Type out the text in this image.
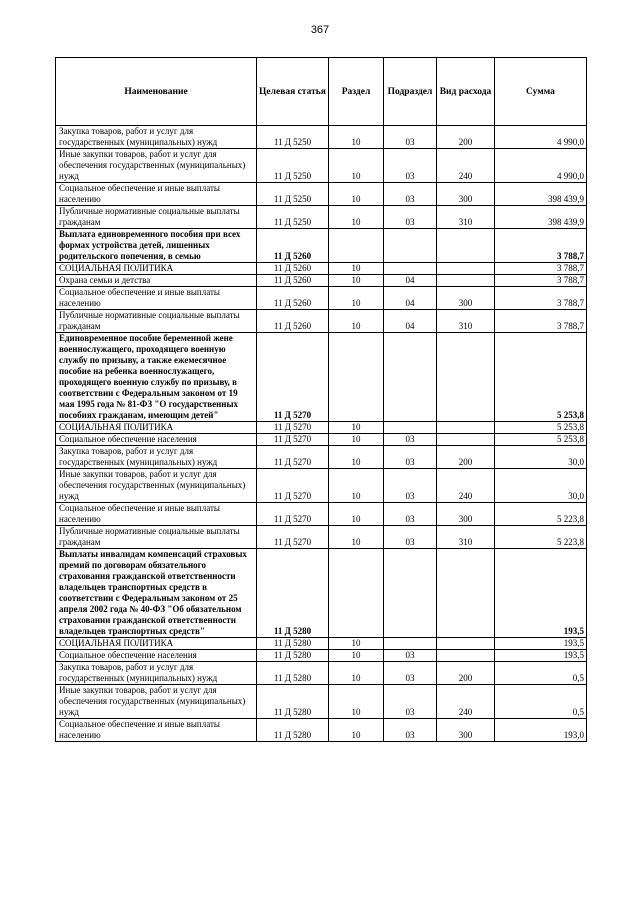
367
Наименование	Целевая статья	Раздел	Подраздел	Вид расхода	Сумма
Закупка товаров, работ и услуг для государственных (муниципальных) нужд	11 Д 5250	10	03	200	4 990,0
Иные закупки товаров, работ и услуг для обеспечения государственных (муниципальных) нужд	11 Д 5250	10	03	240	4 990,0
Социальное обеспечение и иные выплаты населению	11 Д 5250	10	03	300	398 439,9
Публичные нормативные социальные выплаты гражданам	11 Д 5250	10	03	310	398 439,9
Выплата единовременного пособия при всех формах устройства детей, лишенных родительского попечения, в семью	11 Д 5260				3 788,7
СОЦИАЛЬНАЯ ПОЛИТИКА	11 Д 5260	10			3 788,7
Охрана семьи и детства	11 Д 5260	10	04		3 788,7
Социальное обеспечение и иные выплаты населению	11 Д 5260	10	04	300	3 788,7
Публичные нормативные социальные выплаты гражданам	11 Д 5260	10	04	310	3 788,7
Единовременное пособие беременной жене военнослужащего, проходящего военную службу по призыву, а также ежемесячное пособие на ребенка военнослужащего, проходящего военную службу по призыву, в соответствии с Федеральным законом от 19 мая 1995 года № 81-ФЗ "О государственных пособиях гражданам, имеющим детей"	11 Д 5270				5 253,8
СОЦИАЛЬНАЯ ПОЛИТИКА	11 Д 5270	10			5 253,8
Социальное обеспечение населения	11 Д 5270	10	03		5 253,8
Закупка товаров, работ и услуг для государственных (муниципальных) нужд	11 Д 5270	10	03	200	30,0
Иные закупки товаров, работ и услуг для обеспечения государственных (муниципальных) нужд	11 Д 5270	10	03	240	30,0
Социальное обеспечение и иные выплаты населению	11 Д 5270	10	03	300	5 223,8
Публичные нормативные социальные выплаты гражданам	11 Д 5270	10	03	310	5 223,8
Выплаты инвалидам компенсаций страховых премий по договорам обязательного страхования гражданской ответственности владельцев транспортных средств в соответствии с Федеральным законом от 25 апреля 2002 года № 40-ФЗ "Об обязательном страховании гражданской ответственности владельцев транспортных средств"	11 Д 5280				193,5
СОЦИАЛЬНАЯ ПОЛИТИКА	11 Д 5280	10			193,5
Социальное обеспечение населения	11 Д 5280	10	03		193,5
Закупка товаров, работ и услуг для государственных (муниципальных) нужд	11 Д 5280	10	03	200	0,5
Иные закупки товаров, работ и услуг для обеспечения государственных (муниципальных) нужд	11 Д 5280	10	03	240	0,5
Социальное обеспечение и иные выплаты населению	11 Д 5280	10	03	300	193,0
